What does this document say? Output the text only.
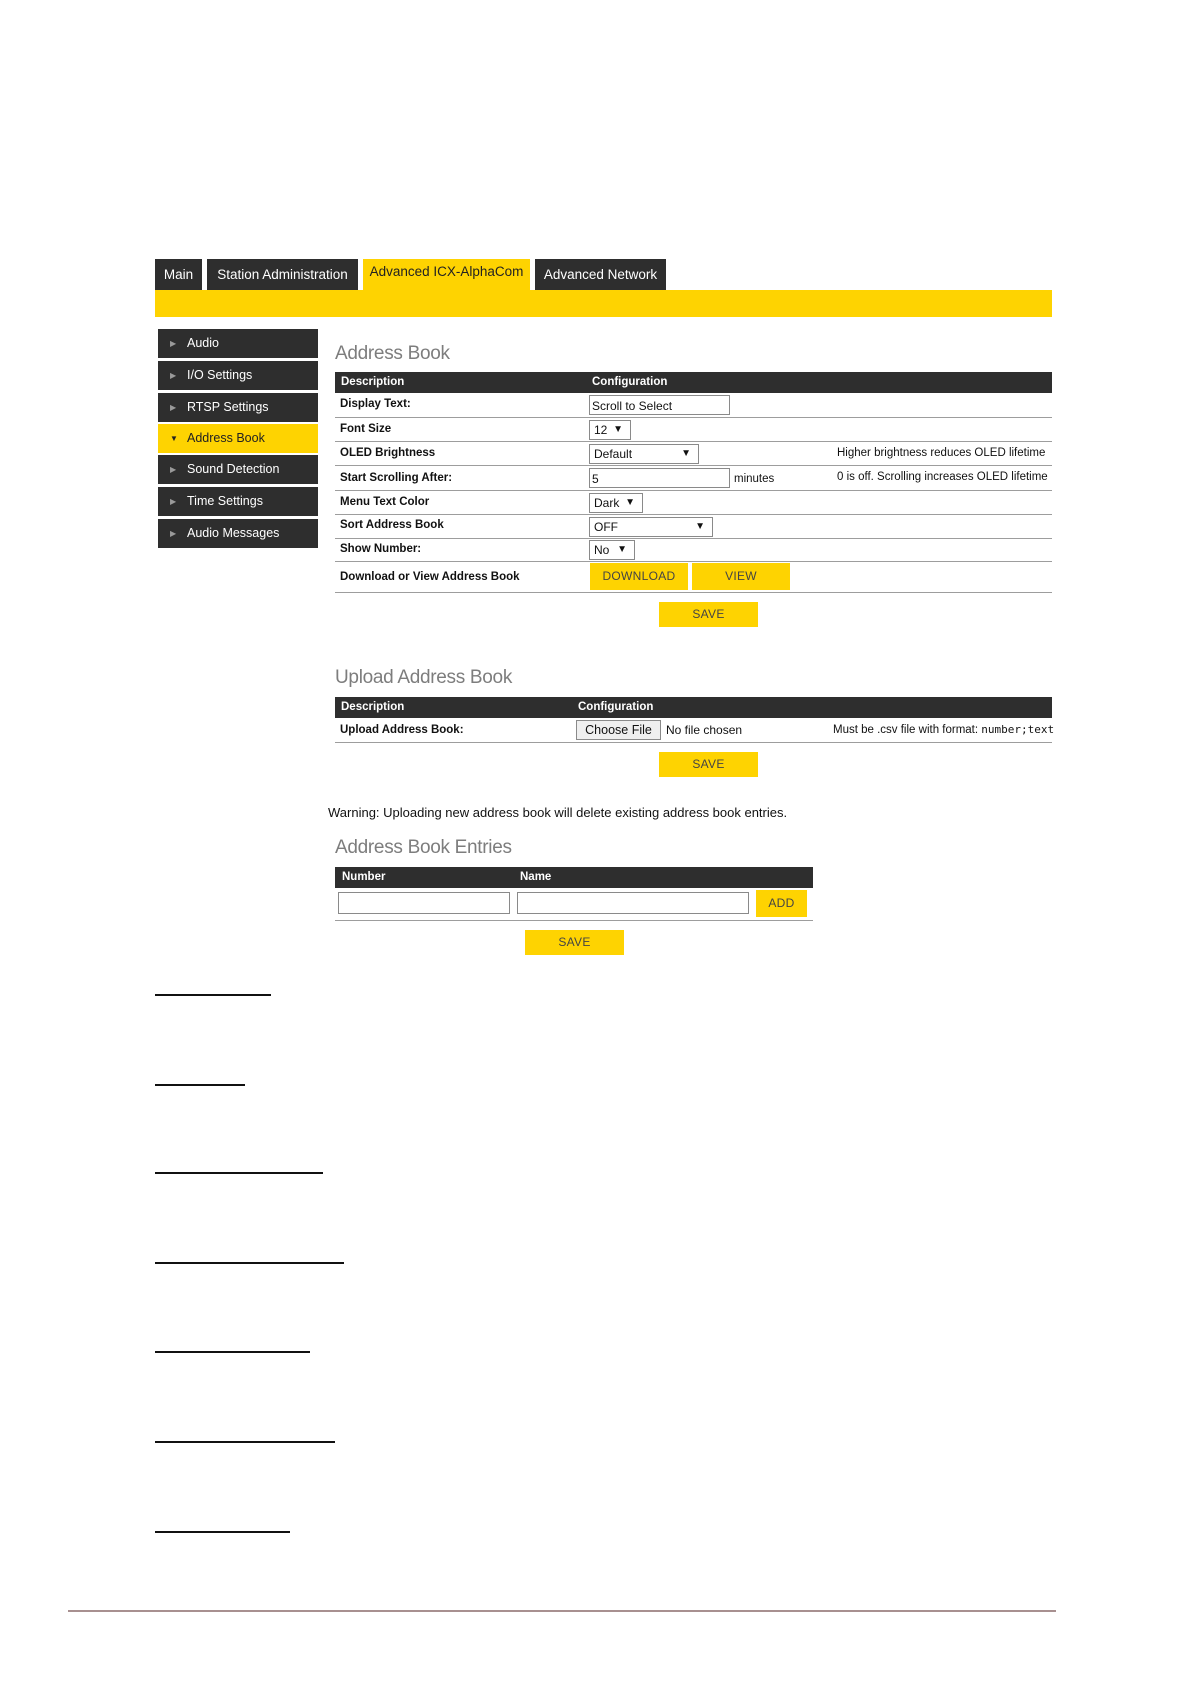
Main	Station Administration	Advanced ICX-AlphaCom	Advanced Network
▶ Audio
▶ I/O Settings
▶ RTSP Settings
▼ Address Book
▶ Sound Detection
▶ Time Settings
▶ Audio Messages
Address Book
Description	Configuration
Display Text:	Scroll to Select
Font Size	12 ▼
OLED Brightness	Default	▼	Higher brightness reduces OLED lifetime
Start Scrolling After:	5	minutes	0 is off. Scrolling increases OLED lifetime
Menu Text Color	Dark ▼
Sort Address Book	OFF	▼
Show Number:	No ▼
Download or View Address Book	DOWNLOAD	VIEW
SAVE
Upload Address Book
Description	Configuration
Upload Address Book:	Choose File	No file chosen	Must be .csv file with format: number;text
SAVE
Warning: Uploading new address book will delete existing address book entries.
Address Book Entries
Number	Name
ADD
SAVE
